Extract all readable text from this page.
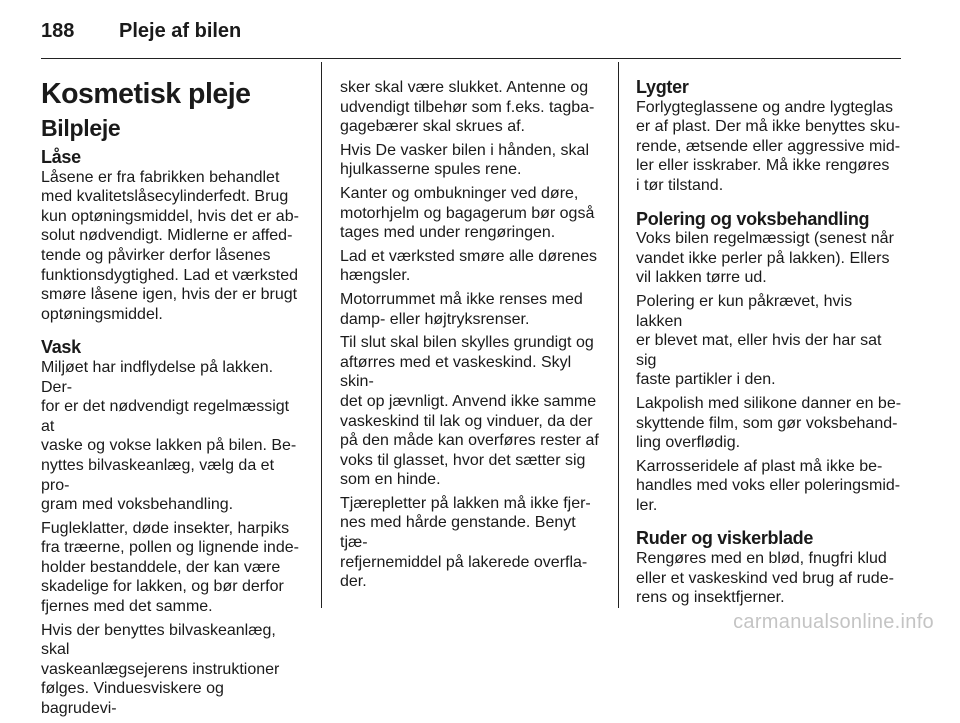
188 Pleje af bilen
Kosmetisk pleje
Bilpleje
Låse

Låsene er fra fabrikken behandlet
med kvalitetslåsecylinderfedt. Brug
kun optøningsmiddel, hvis det er ab-
solut nødvendigt. Midlerne er affed-
tende og påvirker derfor låsenes
funktionsdygtighed. Lad et værksted
smøre låsene igen, hvis der er brugt
optøningsmiddel.

Vask

Miljøet har indflydelse på lakken. Der-
for er det nødvendigt regelmæssigt at
vaske og vokse lakken på bilen. Be-
nyttes bilvaskeanlæg, vælg da et pro-
gram med voksbehandling.

Fugleklatter, døde insekter, harpiks
fra træerne, pollen og lignende inde-
holder bestanddele, der kan være
skadelige for lakken, og bør derfor
fjernes med det samme.

Hvis der benyttes bilvaskeanlæg, skal
vaskeanlægsejerens instruktioner
følges. Vinduesviskere og bagrudevi-

sker skal være slukket. Antenne og
udvendigt tilbehør som f.eks. tagba-
gagebærer skal skrues af.

Hvis De vasker bilen i hånden, skal
hjulkasserne spules rene.

Kanter og ombukninger ved døre,
motorhjelm og bagagerum bør også
tages med under rengøringen.

Lad et værksted smøre alle dørenes
hængsler.

Motorrummet må ikke renses med
damp- eller højtryksrenser.

Til slut skal bilen skylles grundigt og
aftørres med et vaskeskind. Skyl skin-
det op jævnligt. Anvend ikke samme
vaskeskind til lak og vinduer, da der
på den måde kan overføres rester af
voks til glasset, hvor det sætter sig
som en hinde.

Tjærepletter på lakken må ikke fjer-
nes med hårde genstande. Benyt tjæ-
refjernemiddel på lakerede overfla-
der.

Lygter

Forlygteglassene og andre lygteglas
er af plast. Der må ikke benyttes sku-
rende, ætsende eller aggressive mid-
ler eller isskraber. Må ikke rengøres
i tør tilstand.

Polering og voksbehandling

Voks bilen regelmæssigt (senest når
vandet ikke perler på lakken). Ellers
vil lakken tørre ud.

Polering er kun påkrævet, hvis lakken
er blevet mat, eller hvis der har sat sig
faste partikler i den.

Lakpolish med silikone danner en be-
skyttende film, som gør voksbehand-
ling overflødig.

Karrosseridele af plast må ikke be-
handles med voks eller poleringsmid-
ler.

Ruder og viskerblade

Rengøres med en blød, fnugfri klud
eller et vaskeskind ved brug af rude-
rens og insektfjerner.

carmanualsonline.info
